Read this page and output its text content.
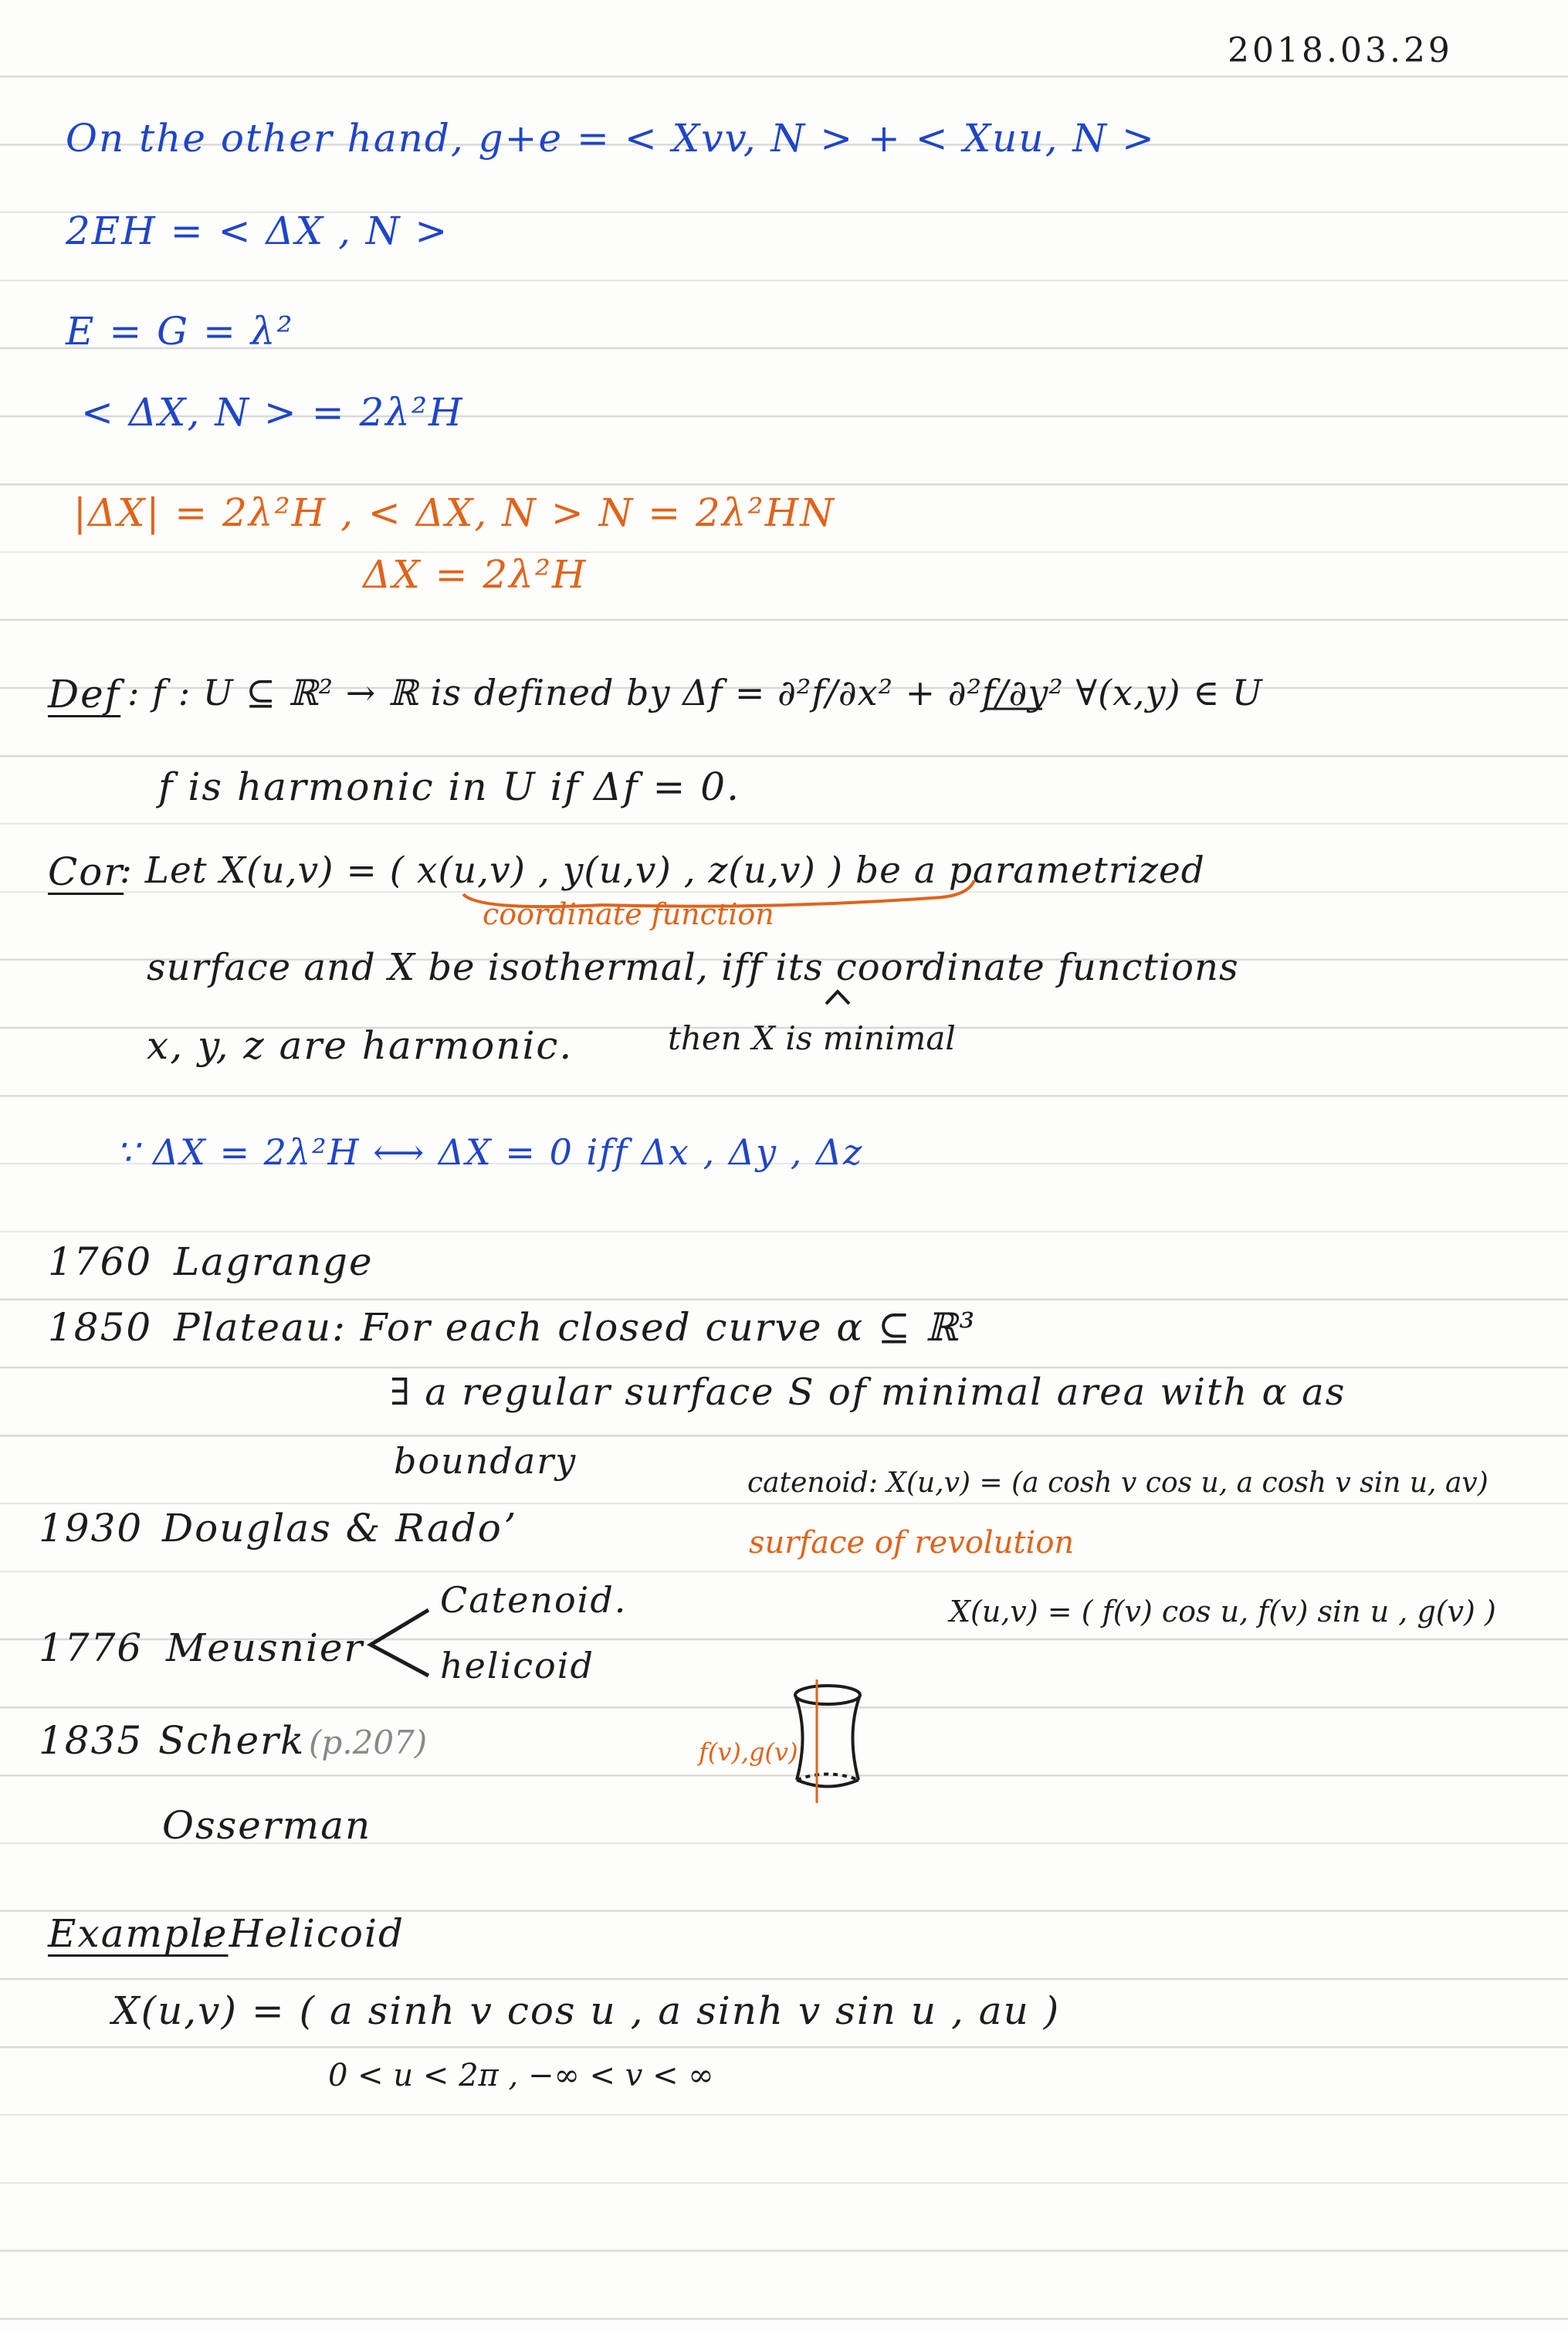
2018.03.29
On the other hand, g+e = < Xvv, N > + < Xuu, N >
2EH = < ΔX , N >
E = G = λ²
< ΔX, N > = 2λ²H
|ΔX| = 2λ²H , < ΔX, N > N = 2λ²HN
ΔX = 2λ²H
Def : f : U ⊆ ℝ² → ℝ is defined by Δf = ∂²f/∂x² + ∂²f/∂y² ∀(x,y) ∈ U
f is harmonic in U if Δf = 0.
Cor
: Let X(u,v) = ( x(u,v) , y(u,v) , z(u,v) ) be a parametrized
coordinate function
surface and X be isothermal, iff its coordinate functions
x, y, z are harmonic.	then X is minimal
∵ ΔX = 2λ²H ⟷ ΔX = 0 iff Δx , Δy , Δz
1760 Lagrange
1850 Plateau: For each closed curve α ⊆ ℝ³
∃ a regular surface S of minimal area with α as
boundary
1930 Douglas & Radoʼ
1776 Meusnier
Catenoid.
helicoid
1835 Scherk (p.207)
Osserman
catenoid: X(u,v) = (a cosh v cos u, a cosh v sin u, av)
surface of revolution
X(u,v) = ( f(v) cos u, f(v) sin u , g(v) )
f(v),g(v)
Example
: Helicoid
X(u,v) = ( a sinh v cos u , a sinh v sin u , au )
0 < u < 2π , −∞ < v < ∞
